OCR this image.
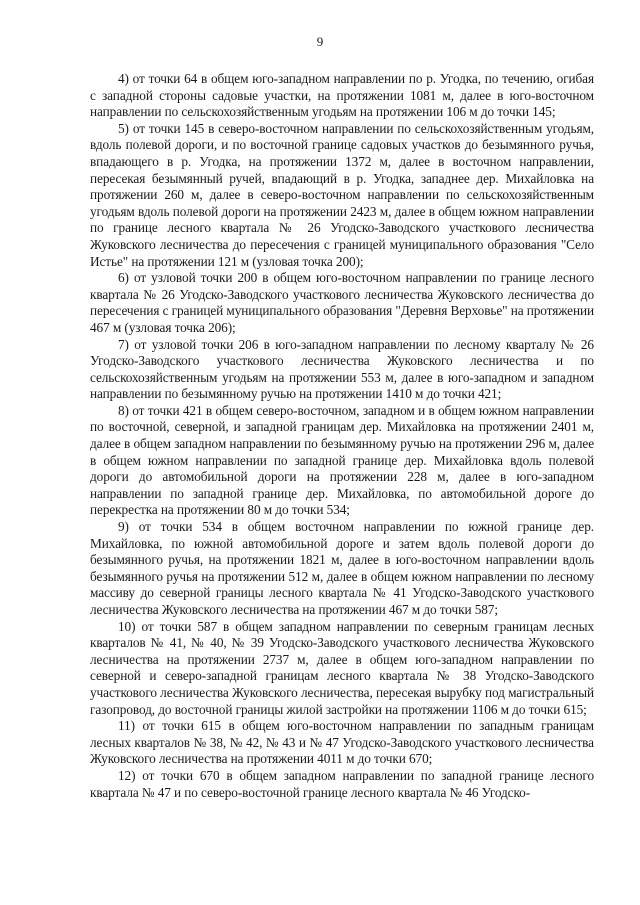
9

4) от точки 64 в общем юго-западном направлении по р. Угодка, по течению, огибая с западной стороны садовые участки, на протяжении 1081 м, далее в юго-восточном направлении по сельскохозяйственным угодьям на протяжении 106 м до точки 145;

5) от точки 145 в северо-восточном направлении по сельскохозяйственным угодьям, вдоль полевой дороги, и по восточной границе садовых участков до безымянного ручья, впадающего в р. Угодка, на протяжении 1372 м, далее в восточном направлении, пересекая безымянный ручей, впадающий в р. Угодка, западнее дер. Михайловка на протяжении 260 м, далее в северо-восточном направлении по сельскохозяйственным угодьям вдоль полевой дороги на протяжении 2423 м, далее в общем южном направлении по границе лесного квартала № 26 Угодско-Заводского участкового лесничества Жуковского лесничества до пересечения с границей муниципального образования "Село Истье" на протяжении 121 м (узловая точка 200);

6) от узловой точки 200 в общем юго-восточном направлении по границе лесного квартала № 26 Угодско-Заводского участкового лесничества Жуковского лесничества до пересечения с границей муниципального образования "Деревня Верховье" на протяжении 467 м (узловая точка 206);

7) от узловой точки 206 в юго-западном направлении по лесному кварталу № 26 Угодско-Заводского участкового лесничества Жуковского лесничества и по сельскохозяйственным угодьям на протяжении 553 м, далее в юго-западном и западном направлении по безымянному ручью на протяжении 1410 м до точки 421;

8) от точки 421 в общем северо-восточном, западном и в общем южном направлении по восточной, северной, и западной границам дер. Михайловка на протяжении 2401 м, далее в общем западном направлении по безымянному ручью на протяжении 296 м, далее в общем южном направлении по западной границе дер. Михайловка вдоль полевой дороги до автомобильной дороги на протяжении 228 м, далее в юго-западном направлении по западной границе дер. Михайловка, по автомобильной дороге до перекрестка на протяжении 80 м до точки 534;

9) от точки 534 в общем восточном направлении по южной границе дер. Михайловка, по южной автомобильной дороге и затем вдоль полевой дороги до безымянного ручья, на протяжении 1821 м, далее в юго-восточном направлении вдоль безымянного ручья на протяжении 512 м, далее в общем южном направлении по лесному массиву до северной границы лесного квартала № 41 Угодско-Заводского участкового лесничества Жуковского лесничества на протяжении 467 м до точки 587;

10) от точки 587 в общем западном направлении по северным границам лесных кварталов № 41, № 40, № 39 Угодско-Заводского участкового лесничества Жуковского лесничества на протяжении 2737 м, далее в общем юго-западном направлении по северной и северо-западной границам лесного квартала № 38 Угодско-Заводского участкового лесничества Жуковского лесничества, пересекая вырубку под магистральный газопровод, до восточной границы жилой застройки на протяжении 1106 м до точки 615;

11) от точки 615 в общем юго-восточном направлении по западным границам лесных кварталов № 38, № 42, № 43 и № 47 Угодско-Заводского участкового лесничества Жуковского лесничества на протяжении 4011 м до точки 670;

12) от точки 670 в общем западном направлении по западной границе лесного квартала № 47 и по северо-восточной границе лесного квартала № 46 Угодско-
